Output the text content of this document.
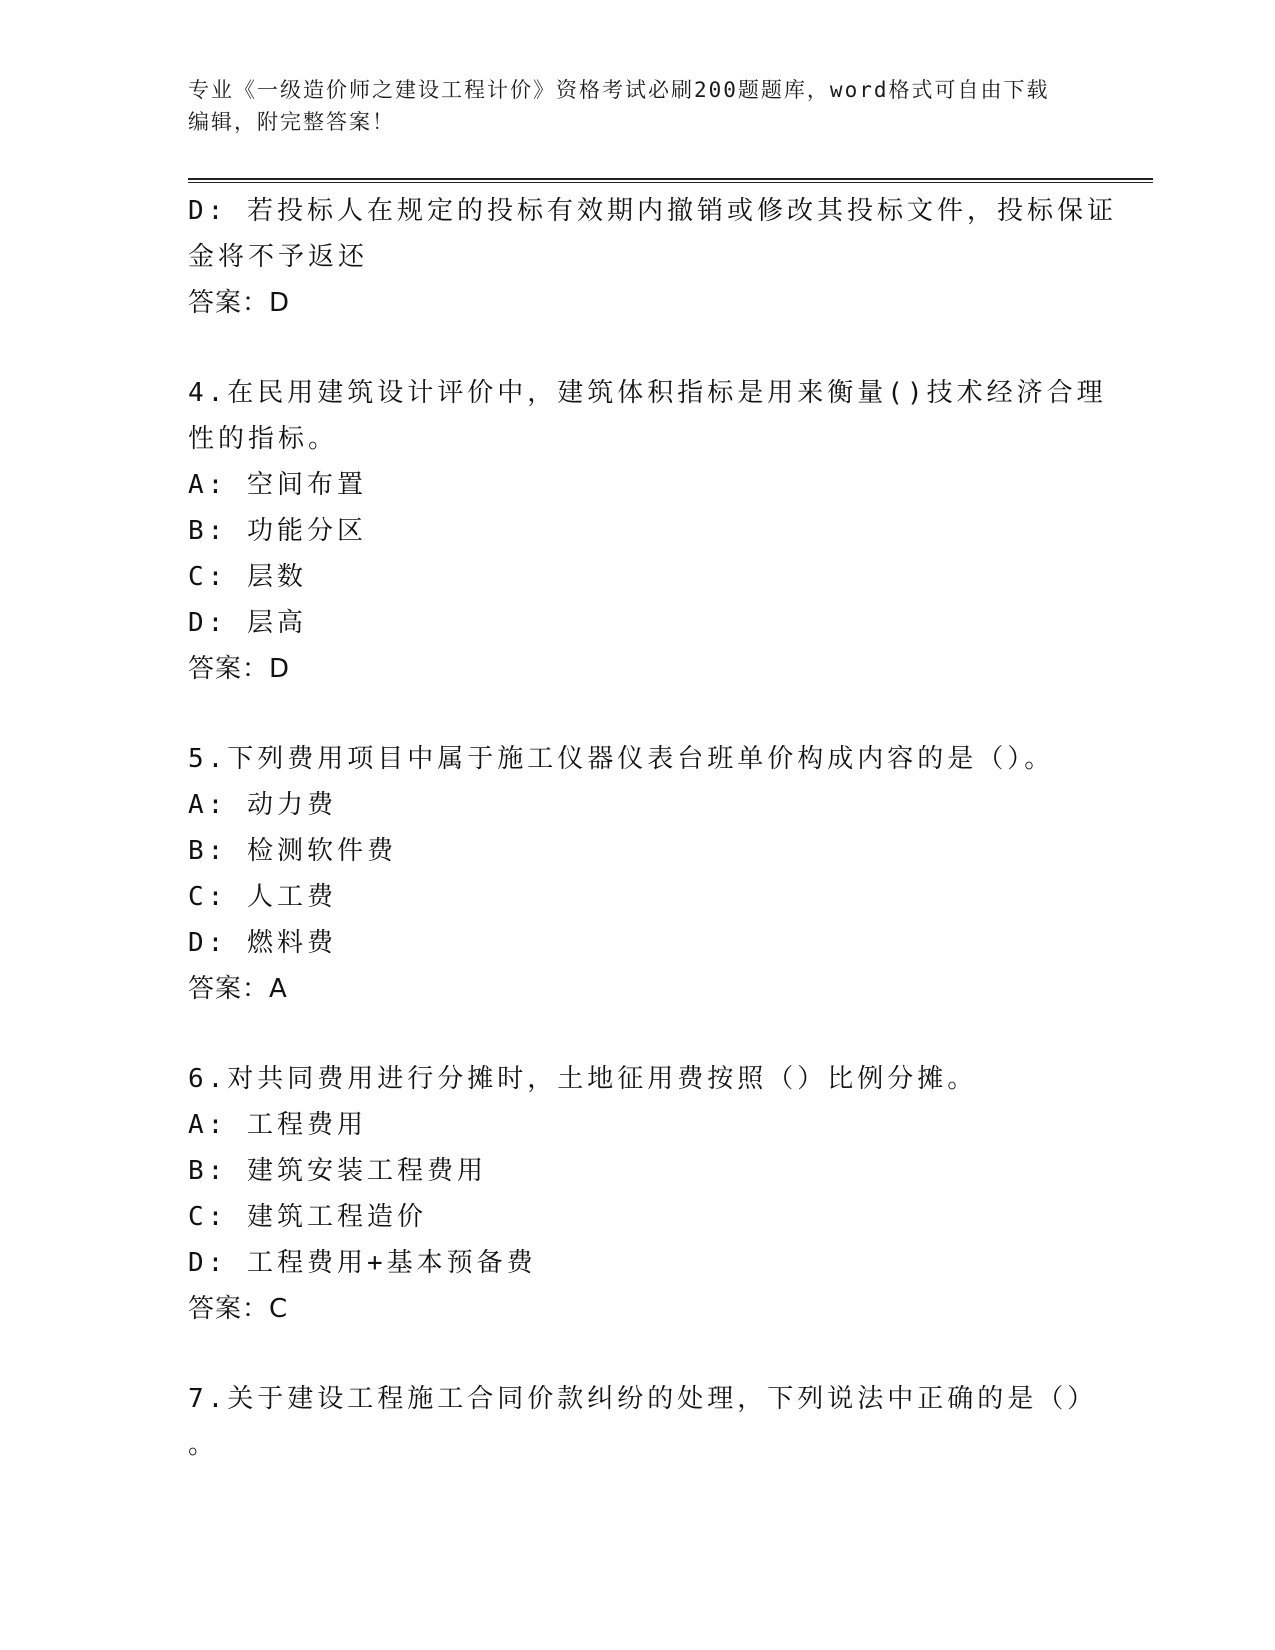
专业《一级造价师之建设工程计价》资格考试必刷200题题库，word格式可自由下载编辑，附完整答案！
D: 若投标人在规定的投标有效期内撤销或修改其投标文件，投标保证
金将不予返还
答案：D
4.在民用建筑设计评价中，建筑体积指标是用来衡量()技术经济合理
性的指标。
A: 空间布置
B: 功能分区
C: 层数
D: 层高
答案：D
5.下列费用项目中属于施工仪器仪表台班单价构成内容的是（）。
A: 动力费
B: 检测软件费
C: 人工费
D: 燃料费
答案：A
6.对共同费用进行分摊时，土地征用费按照（）比例分摊。
A: 工程费用
B: 建筑安装工程费用
C: 建筑工程造价
D: 工程费用+基本预备费
答案：C
7.关于建设工程施工合同价款纠纷的处理，下列说法中正确的是（）
。
